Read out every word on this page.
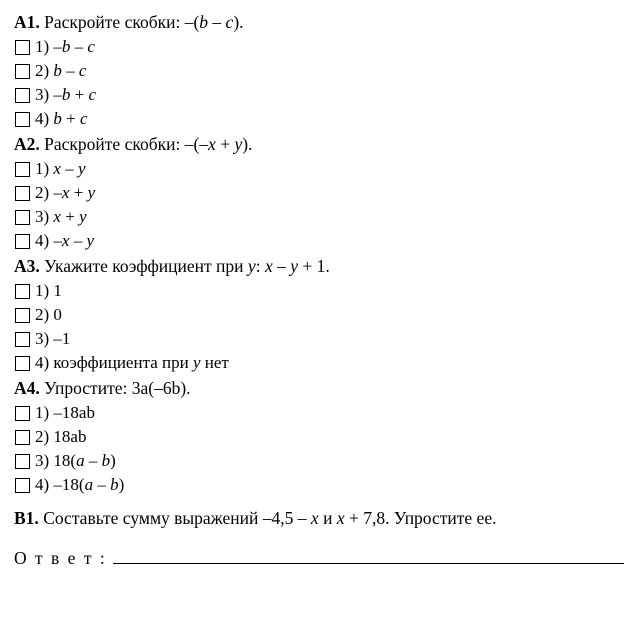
A1. Раскройте скобки: –(b – c).
1) –b – c
2) b – c
3) –b + c
4) b + c
A2. Раскройте скобки: –(–x + y).
1) x – y
2) –x + y
3) x + y
4) –x – y
A3. Укажите коэффициент при y: x – y + 1.
1) 1
2) 0
3) –1
4) коэффициента при y нет
A4. Упростите: 3a(–6b).
1) –18ab
2) 18ab
3) 18(a – b)
4) –18(a – b)
B1. Составьте сумму выражений –4,5 – x и x + 7,8. Упростите ее.
О т в е т :
